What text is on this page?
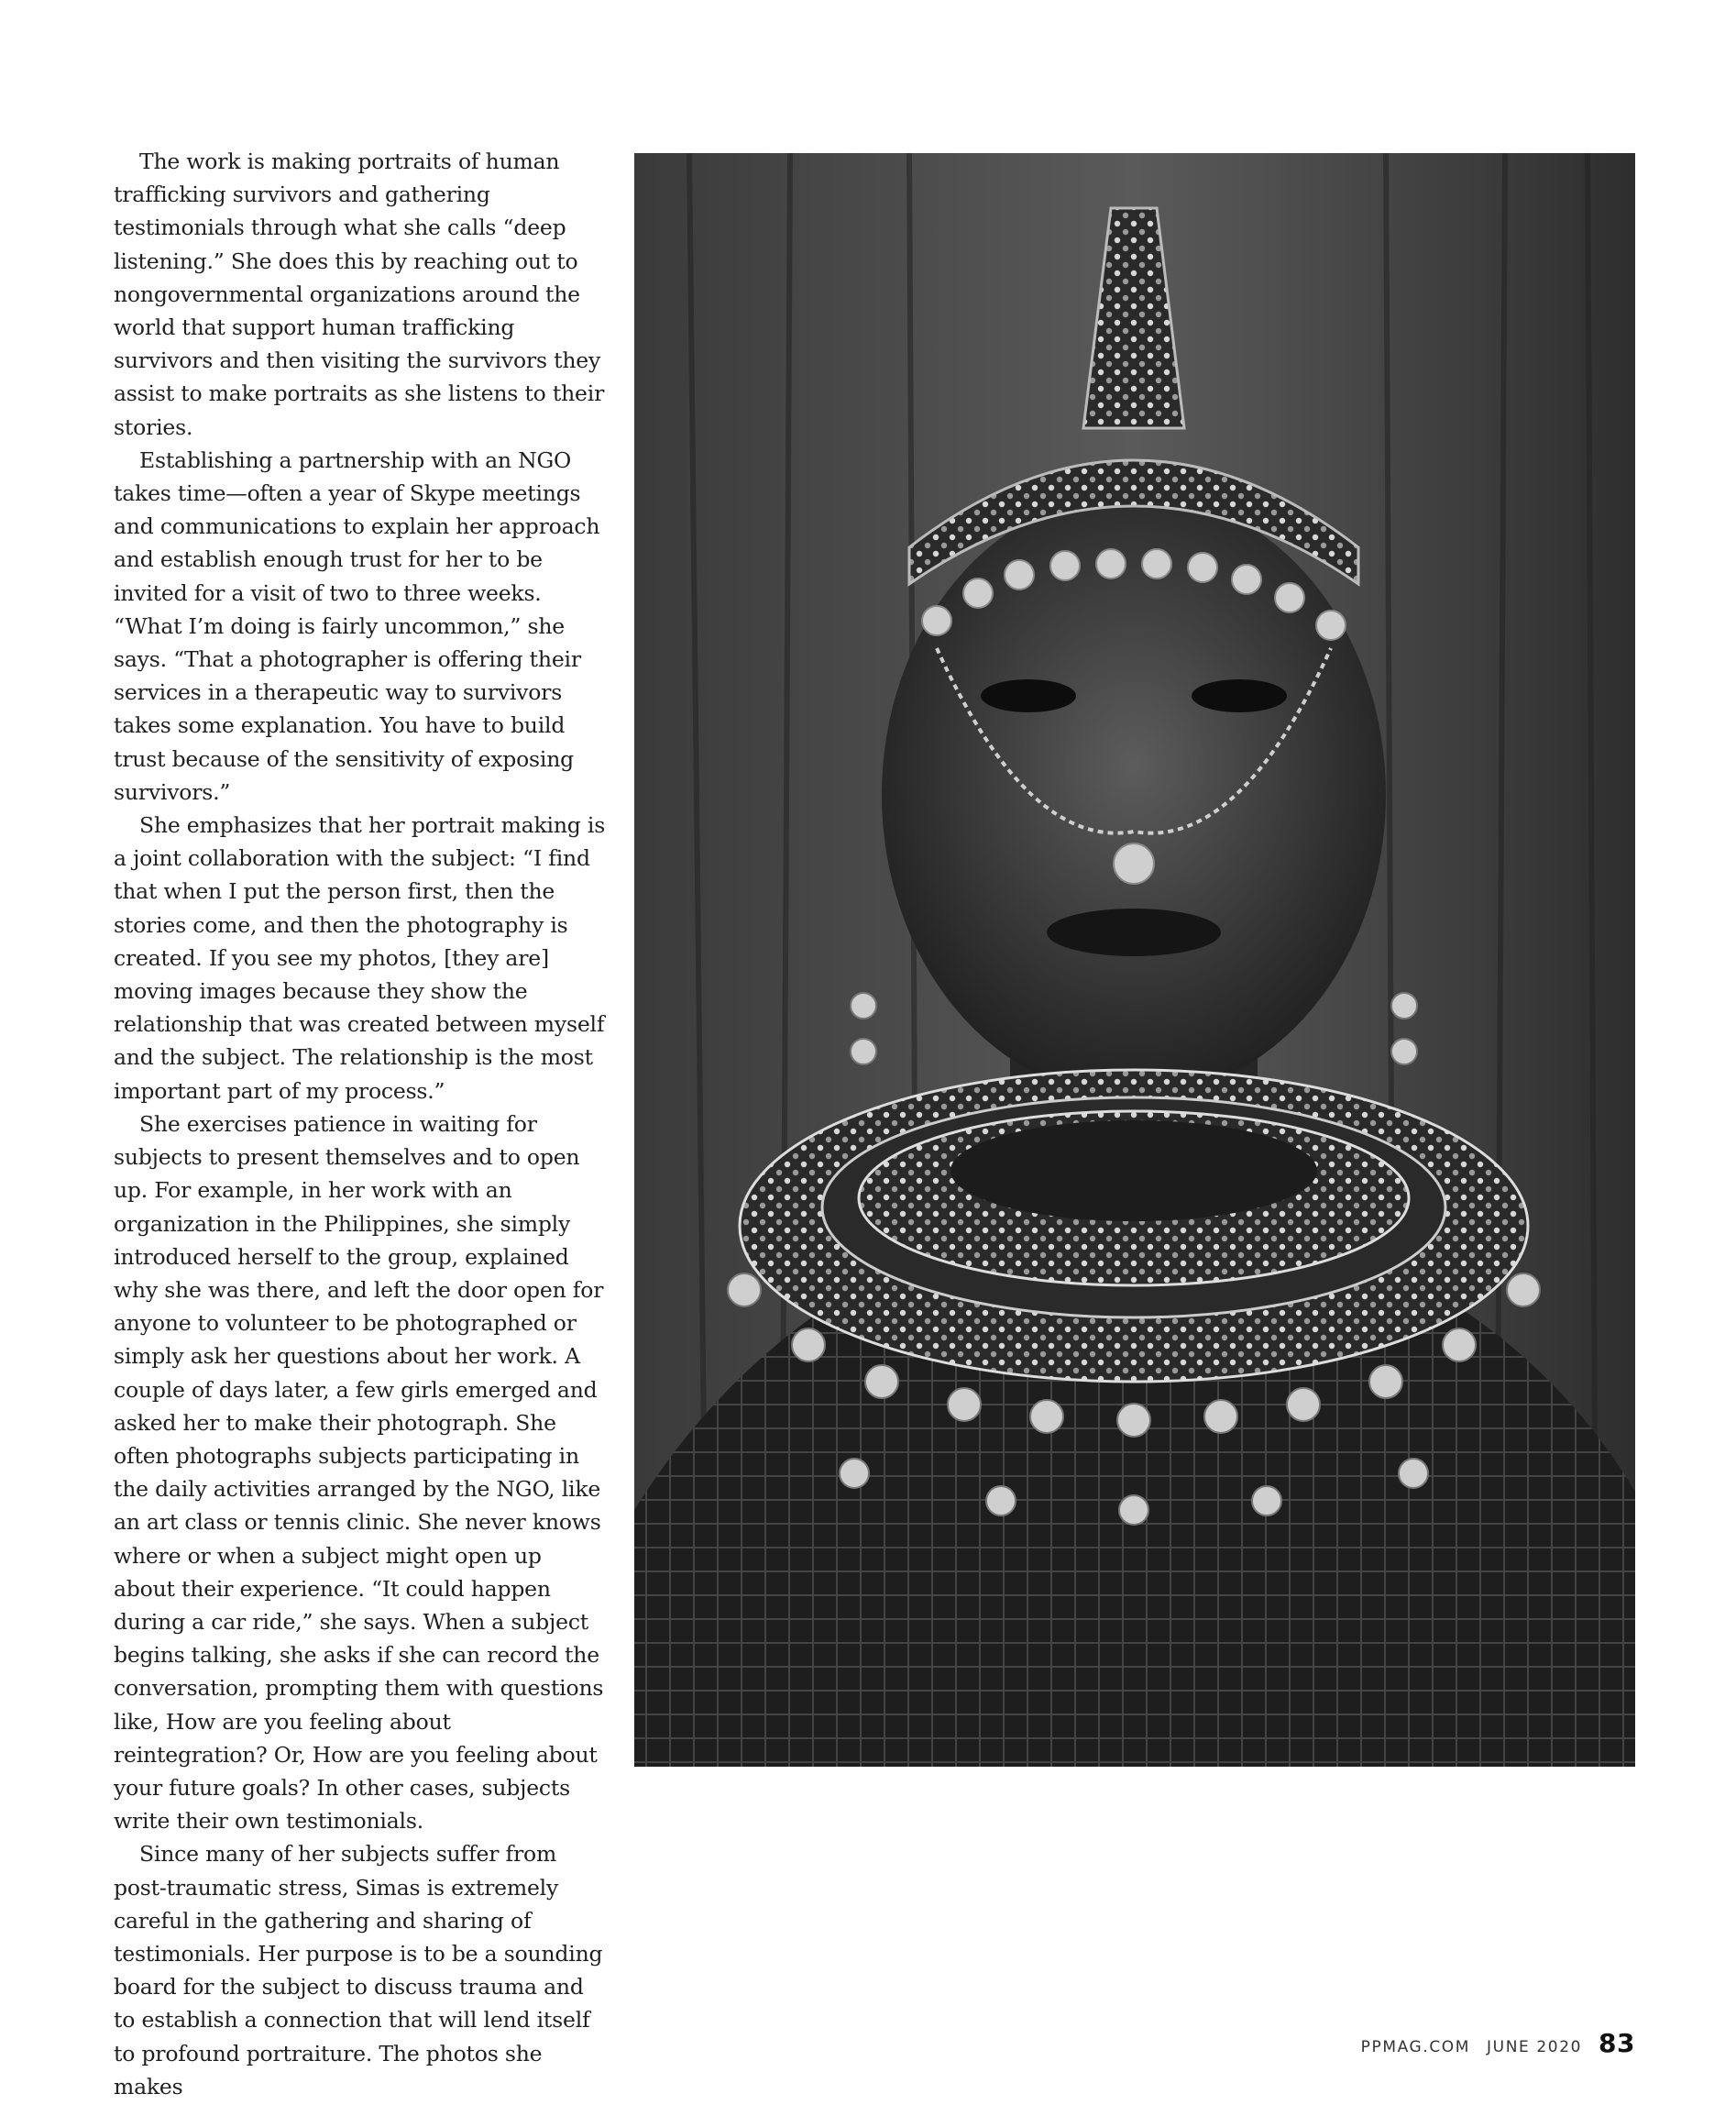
The work is making portraits of human trafficking survivors and gathering testimonials through what she calls “deep listening.” She does this by reaching out to nongovernmental organizations around the world that support human trafficking survivors and then visiting the survivors they assist to make portraits as she listens to their stories.

Establishing a partnership with an NGO takes time—often a year of Skype meetings and communications to explain her approach and establish enough trust for her to be invited for a visit of two to three weeks. “What I’m doing is fairly uncommon,” she says. “That a photographer is offering their services in a therapeutic way to survivors takes some explanation. You have to build trust because of the sensitivity of exposing survivors.”

She emphasizes that her portrait making is a joint collaboration with the subject: “I find that when I put the person first, then the stories come, and then the photography is created. If you see my photos, [they are] moving images because they show the relationship that was created between myself and the subject. The relationship is the most important part of my process.”

She exercises patience in waiting for subjects to present themselves and to open up. For example, in her work with an organization in the Philippines, she simply introduced herself to the group, explained why she was there, and left the door open for anyone to volunteer to be photographed or simply ask her questions about her work. A couple of days later, a few girls emerged and asked her to make their photograph. She often photographs subjects participating in the daily activities arranged by the NGO, like an art class or tennis clinic. She never knows where or when a subject might open up about their experience. “It could happen during a car ride,” she says. When a subject begins talking, she asks if she can record the conversation, prompting them with questions like, How are you feeling about reintegration? Or, How are you feeling about your future goals? In other cases, subjects write their own testimonials.

Since many of her subjects suffer from post-traumatic stress, Simas is extremely careful in the gathering and sharing of testimonials. Her purpose is to be a sounding board for the subject to discuss trauma and to establish a connection that will lend itself to profound portraiture. The photos she makes

PPMAG.COM JUNE 2020 83
